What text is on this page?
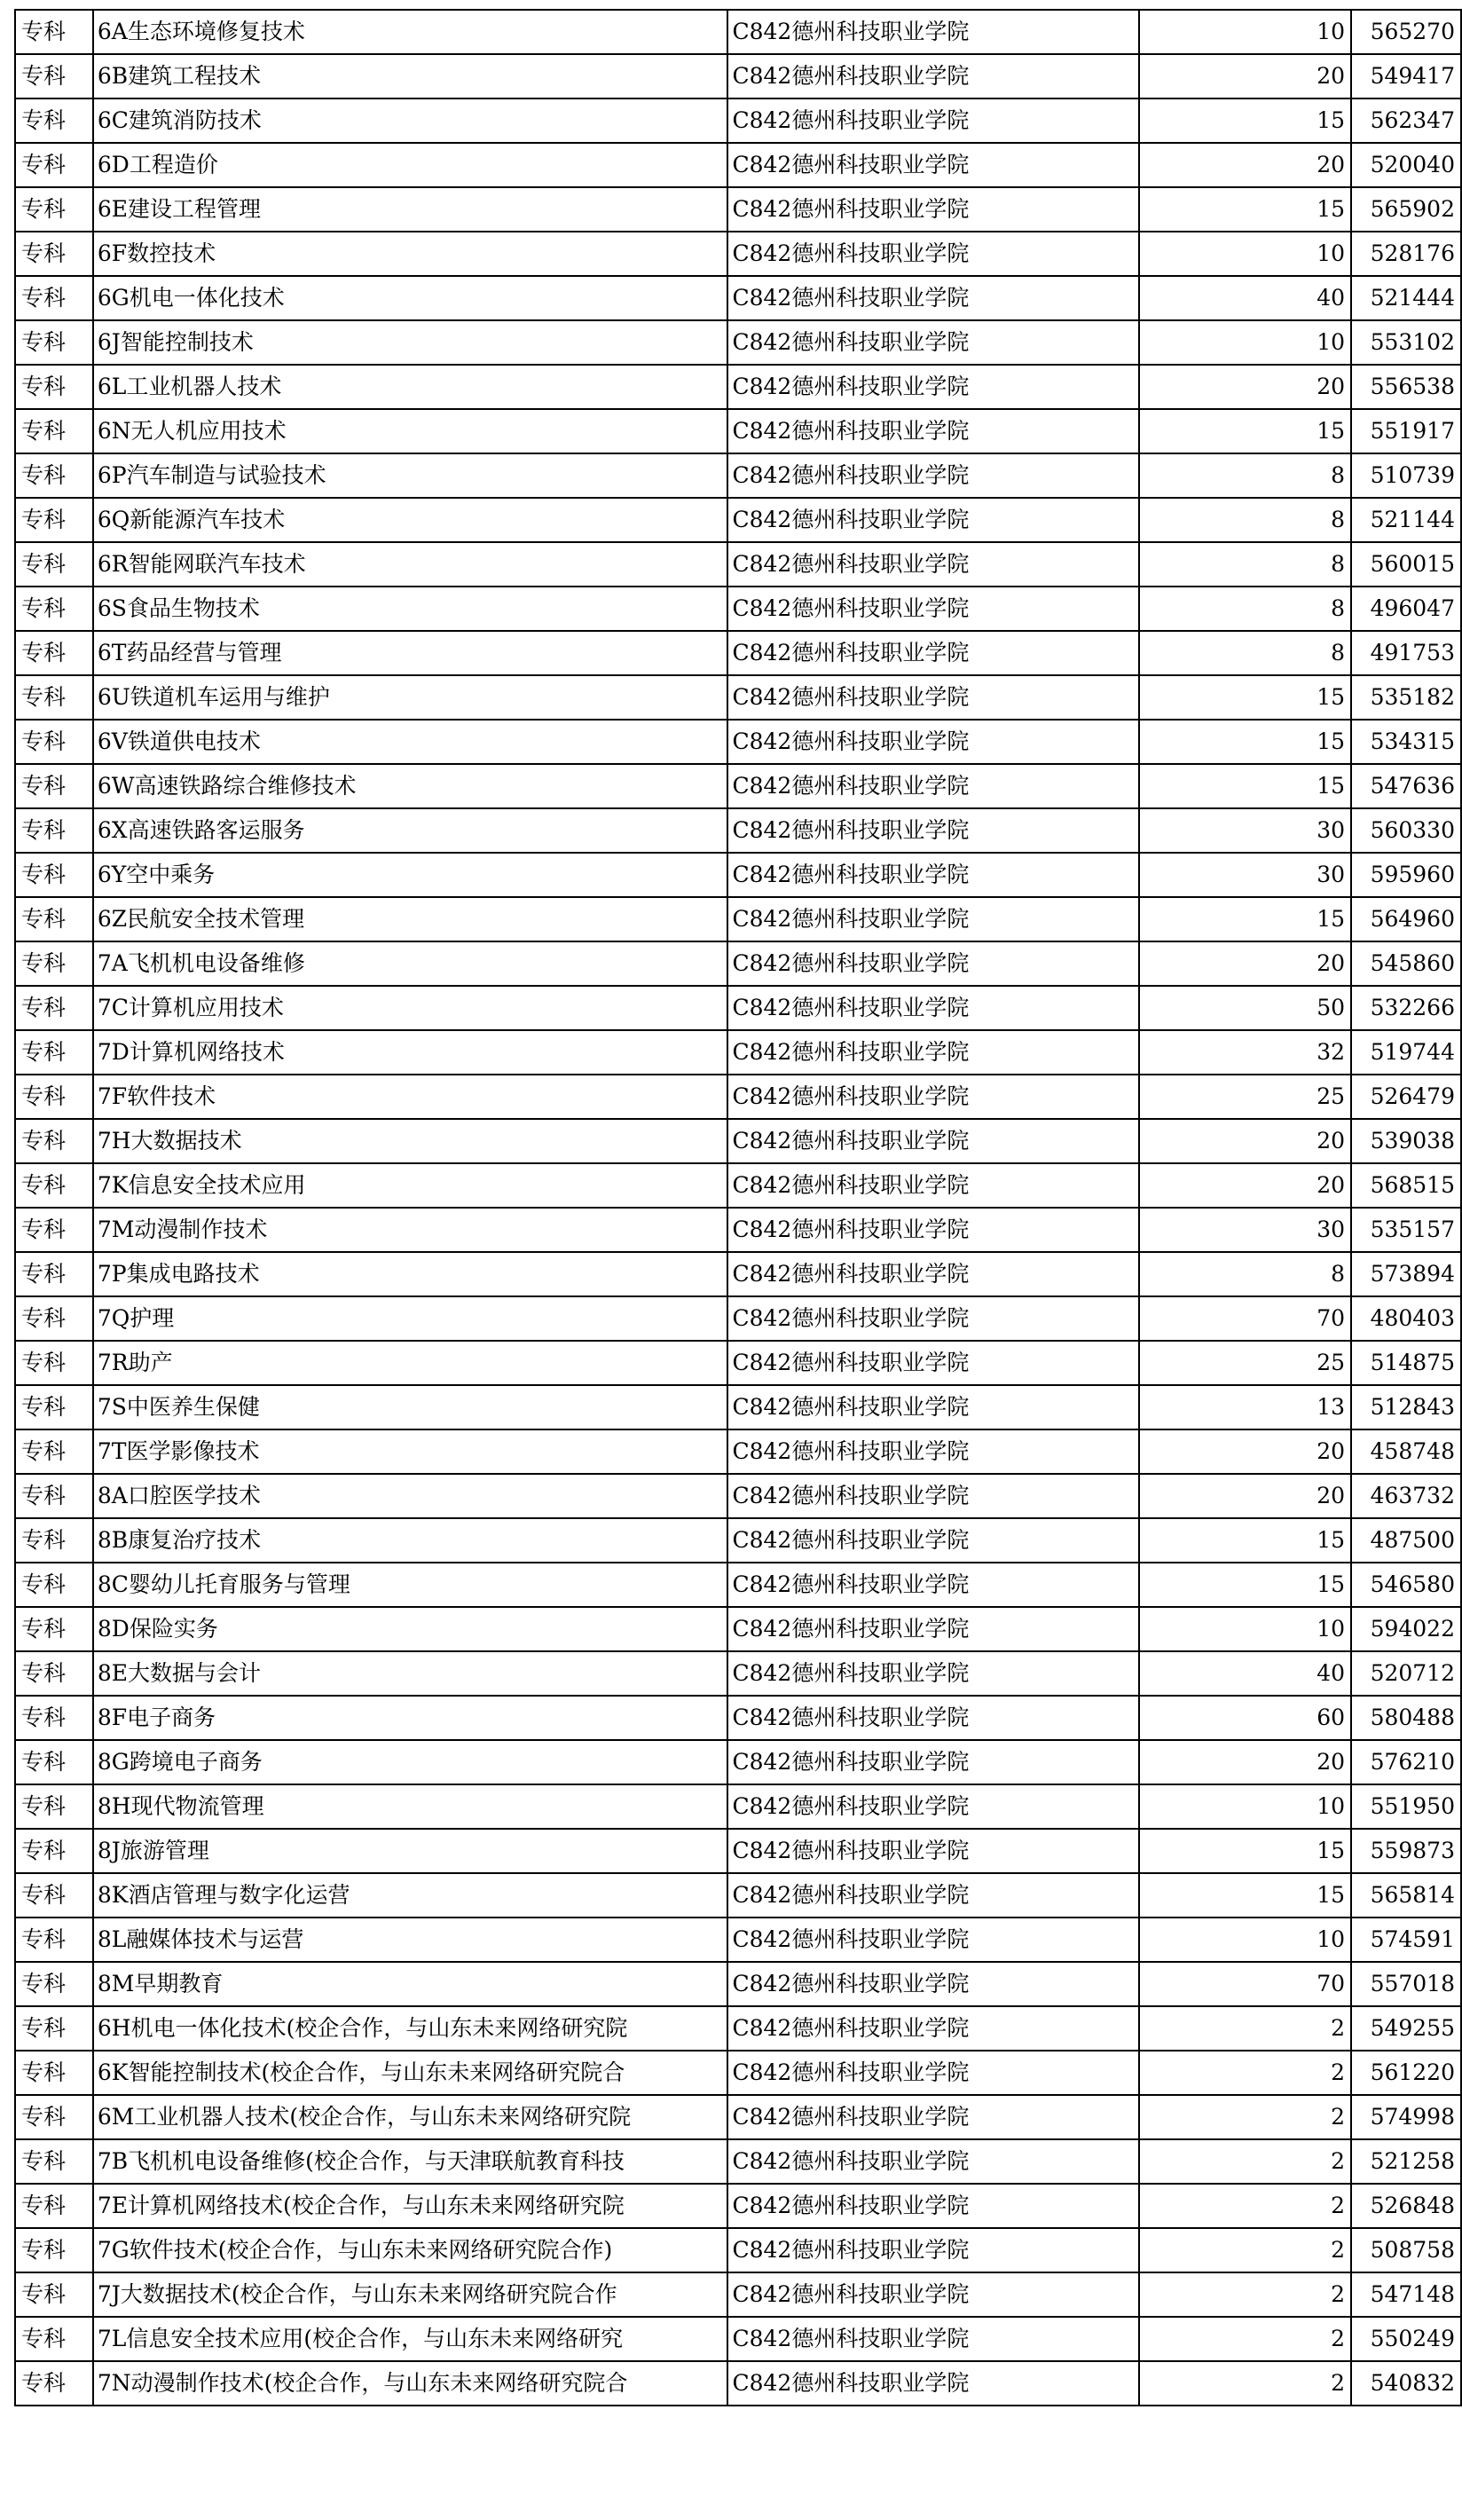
专科	6A生态环境修复技术	C842德州科技职业学院	10	565270
专科	6B建筑工程技术	C842德州科技职业学院	20	549417
专科	6C建筑消防技术	C842德州科技职业学院	15	562347
专科	6D工程造价	C842德州科技职业学院	20	520040
专科	6E建设工程管理	C842德州科技职业学院	15	565902
专科	6F数控技术	C842德州科技职业学院	10	528176
专科	6G机电一体化技术	C842德州科技职业学院	40	521444
专科	6J智能控制技术	C842德州科技职业学院	10	553102
专科	6L工业机器人技术	C842德州科技职业学院	20	556538
专科	6N无人机应用技术	C842德州科技职业学院	15	551917
专科	6P汽车制造与试验技术	C842德州科技职业学院	8	510739
专科	6Q新能源汽车技术	C842德州科技职业学院	8	521144
专科	6R智能网联汽车技术	C842德州科技职业学院	8	560015
专科	6S食品生物技术	C842德州科技职业学院	8	496047
专科	6T药品经营与管理	C842德州科技职业学院	8	491753
专科	6U铁道机车运用与维护	C842德州科技职业学院	15	535182
专科	6V铁道供电技术	C842德州科技职业学院	15	534315
专科	6W高速铁路综合维修技术	C842德州科技职业学院	15	547636
专科	6X高速铁路客运服务	C842德州科技职业学院	30	560330
专科	6Y空中乘务	C842德州科技职业学院	30	595960
专科	6Z民航安全技术管理	C842德州科技职业学院	15	564960
专科	7A飞机机电设备维修	C842德州科技职业学院	20	545860
专科	7C计算机应用技术	C842德州科技职业学院	50	532266
专科	7D计算机网络技术	C842德州科技职业学院	32	519744
专科	7F软件技术	C842德州科技职业学院	25	526479
专科	7H大数据技术	C842德州科技职业学院	20	539038
专科	7K信息安全技术应用	C842德州科技职业学院	20	568515
专科	7M动漫制作技术	C842德州科技职业学院	30	535157
专科	7P集成电路技术	C842德州科技职业学院	8	573894
专科	7Q护理	C842德州科技职业学院	70	480403
专科	7R助产	C842德州科技职业学院	25	514875
专科	7S中医养生保健	C842德州科技职业学院	13	512843
专科	7T医学影像技术	C842德州科技职业学院	20	458748
专科	8A口腔医学技术	C842德州科技职业学院	20	463732
专科	8B康复治疗技术	C842德州科技职业学院	15	487500
专科	8C婴幼儿托育服务与管理	C842德州科技职业学院	15	546580
专科	8D保险实务	C842德州科技职业学院	10	594022
专科	8E大数据与会计	C842德州科技职业学院	40	520712
专科	8F电子商务	C842德州科技职业学院	60	580488
专科	8G跨境电子商务	C842德州科技职业学院	20	576210
专科	8H现代物流管理	C842德州科技职业学院	10	551950
专科	8J旅游管理	C842德州科技职业学院	15	559873
专科	8K酒店管理与数字化运营	C842德州科技职业学院	15	565814
专科	8L融媒体技术与运营	C842德州科技职业学院	10	574591
专科	8M早期教育	C842德州科技职业学院	70	557018
专科	6H机电一体化技术(校企合作，与山东未来网络研究院	C842德州科技职业学院	2	549255
专科	6K智能控制技术(校企合作，与山东未来网络研究院合	C842德州科技职业学院	2	561220
专科	6M工业机器人技术(校企合作，与山东未来网络研究院	C842德州科技职业学院	2	574998
专科	7B飞机机电设备维修(校企合作，与天津联航教育科技	C842德州科技职业学院	2	521258
专科	7E计算机网络技术(校企合作，与山东未来网络研究院	C842德州科技职业学院	2	526848
专科	7G软件技术(校企合作，与山东未来网络研究院合作)	C842德州科技职业学院	2	508758
专科	7J大数据技术(校企合作，与山东未来网络研究院合作	C842德州科技职业学院	2	547148
专科	7L信息安全技术应用(校企合作，与山东未来网络研究	C842德州科技职业学院	2	550249
专科	7N动漫制作技术(校企合作，与山东未来网络研究院合	C842德州科技职业学院	2	540832
